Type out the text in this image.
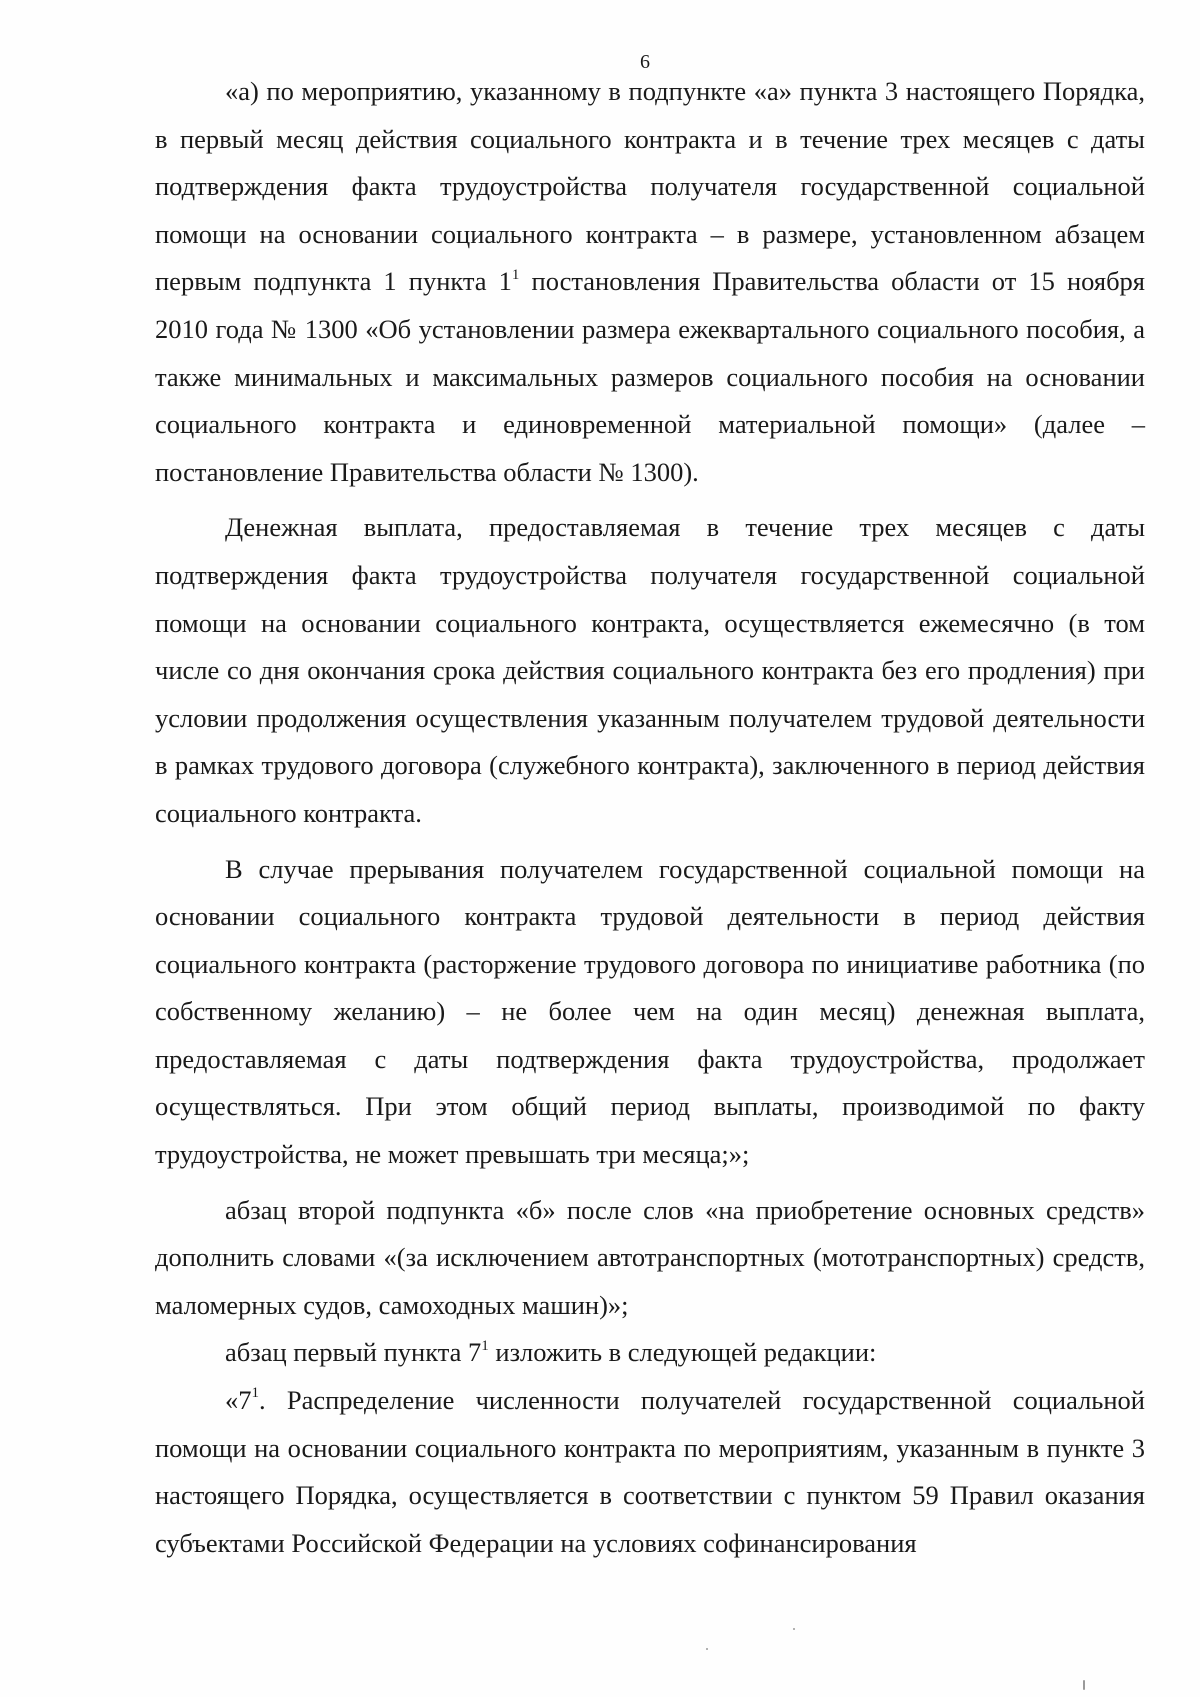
6

«а) по мероприятию, указанному в подпункте «а» пункта 3 настоящего Порядка, в первый месяц действия социального контракта и в течение трех месяцев с даты подтверждения факта трудоустройства получателя государственной социальной помощи на основании социального контракта – в размере, установленном абзацем первым подпункта 1 пункта $1^1$ постановления Правительства области от 15 ноября 2010 года № 1300 «Об установлении размера ежеквартального социального пособия, а также минимальных и максимальных размеров социального пособия на основании социального контракта и единовременной материальной помощи» (далее – постановление Правительства области № 1300).

Денежная выплата, предоставляемая в течение трех месяцев с даты подтверждения факта трудоустройства получателя государственной социальной помощи на основании социального контракта, осуществляется ежемесячно (в том числе со дня окончания срока действия социального контракта без его продления) при условии продолжения осуществления указанным получателем трудовой деятельности в рамках трудового договора (служебного контракта), заключенного в период действия социального контракта.

В случае прерывания получателем государственной социальной помощи на основании социального контракта трудовой деятельности в период действия социального контракта (расторжение трудового договора по инициативе работника (по собственному желанию) – не более чем на один месяц) денежная выплата, предоставляемая с даты подтверждения факта трудоустройства, продолжает осуществляться. При этом общий период выплаты, производимой по факту трудоустройства, не может превышать три месяца;»;

абзац второй подпункта «б» после слов «на приобретение основных средств» дополнить словами «(за исключением автотранспортных (мототранспортных) средств, маломерных судов, самоходных машин)»;

абзац первый пункта $7^1$ изложить в следующей редакции:

«$7^1$. Распределение численности получателей государственной социальной помощи на основании социального контракта по мероприятиям, указанным в пункте 3 настоящего Порядка, осуществляется в соответствии с пунктом 59 Правил оказания субъектами Российской Федерации на условиях софинансирования
